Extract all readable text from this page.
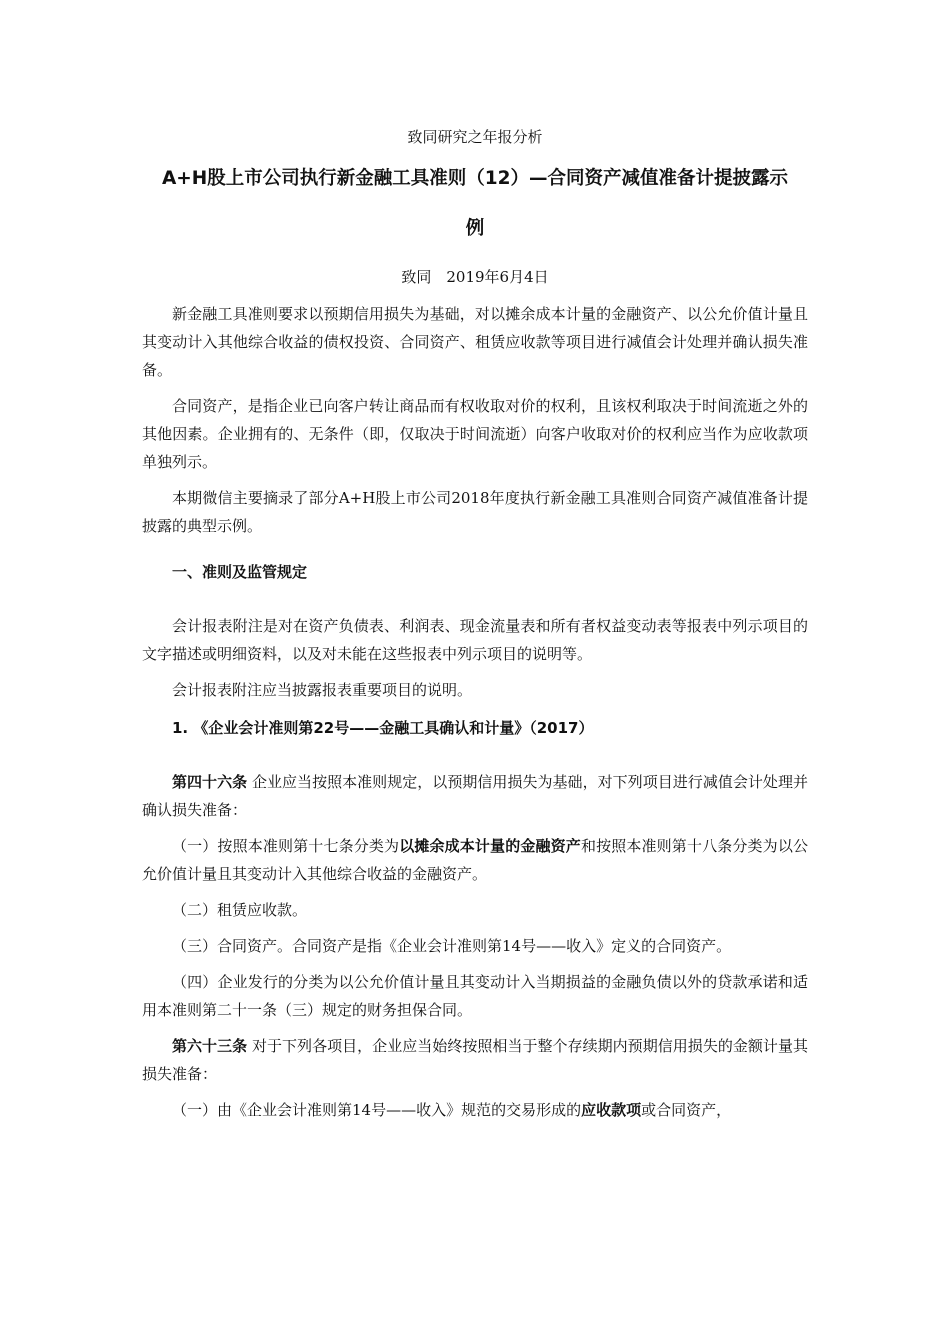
致同研究之年报分析

A+H股上市公司执行新金融工具准则（12）—合同资产减值准备计提披露示
例

致同　2019年6月4日

新金融工具准则要求以预期信用损失为基础，对以摊余成本计量的金融资产、以公允价值计量且其变动计入其他综合收益的债权投资、合同资产、租赁应收款等项目进行减值会计处理并确认损失准备。

合同资产，是指企业已向客户转让商品而有权收取对价的权利，且该权利取决于时间流逝之外的其他因素。企业拥有的、无条件（即，仅取决于时间流逝）向客户收取对价的权利应当作为应收款项单独列示。

本期微信主要摘录了部分A+H股上市公司2018年度执行新金融工具准则合同资产减值准备计提披露的典型示例。

一、准则及监管规定

会计报表附注是对在资产负债表、利润表、现金流量表和所有者权益变动表等报表中列示项目的文字描述或明细资料，以及对未能在这些报表中列示项目的说明等。

会计报表附注应当披露报表重要项目的说明。

1. 《企业会计准则第22号——金融工具确认和计量》（2017）

第四十六条 企业应当按照本准则规定，以预期信用损失为基础，对下列项目进行减值会计处理并确认损失准备：

（一）按照本准则第十七条分类为以摊余成本计量的金融资产和按照本准则第十八条分类为以公允价值计量且其变动计入其他综合收益的金融资产。

（二）租赁应收款。

（三）合同资产。合同资产是指《企业会计准则第14号——收入》定义的合同资产。

（四）企业发行的分类为以公允价值计量且其变动计入当期损益的金融负债以外的贷款承诺和适用本准则第二十一条（三）规定的财务担保合同。

第六十三条 对于下列各项目，企业应当始终按照相当于整个存续期内预期信用损失的金额计量其损失准备：

（一）由《企业会计准则第14号——收入》规范的交易形成的应收款项或合同资产，
